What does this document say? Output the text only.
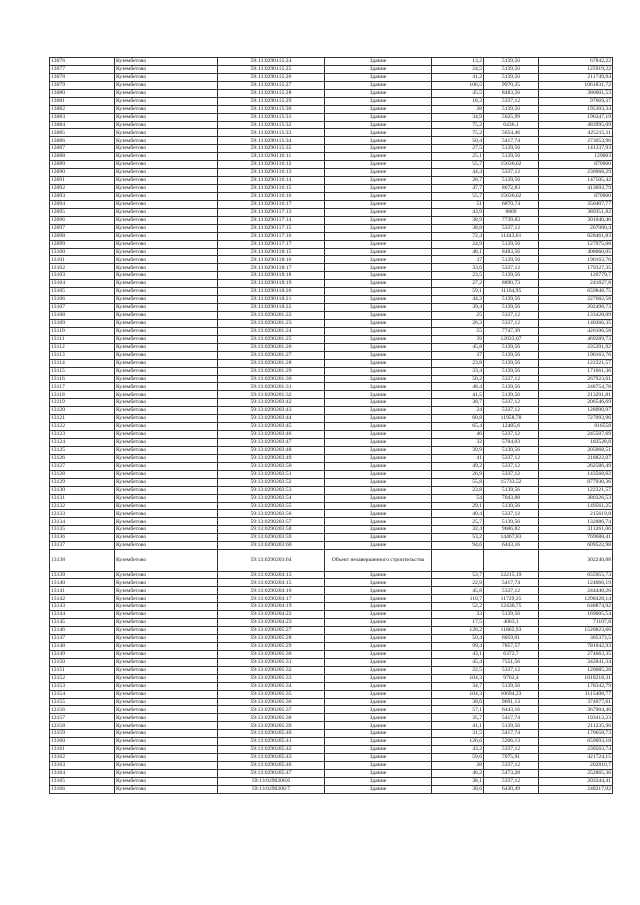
13076	Кузембетово	59:13:0290115:24	Здание	13,2	5139,56	67842,22
13077	Кузембетово	59:13:0290115:25	Здание	24,5	5139,56	125919,22
13078	Кузембетово	59:13:0290115:26	Здание	41,2	5139,56	211749,94
13079	Кузембетово	59:13:0290115:27	Здание	106,5	9970,25	1061831,72
13080	Кузембетово	59:13:0290115:28	Здание	45,5	8483,56	386001,53
13081	Кузембетово	59:13:0290115:29	Здание	18,3	5337,12	97669,37
13082	Кузембетово	59:13:0290115:30	Здание	38	5139,56	195303,34
13083	Кузембетово	59:13:0290115:31	Здание	34,9	5625,99	196347,19
13084	Кузембетово	59:13:0290115:32	Здание	75,2	6436,1	483995,09
13085	Кузембетово	59:13:0290115:33	Здание	75,2	5654,46	425215,11
13086	Кузембетово	59:13:0290115:34	Здание	50,4	5417,74	273053,96
13087	Кузембетово	59:13:0290115:35	Здание	27,5	5139,56	141337,93
13088	Кузембетово	59:13:0290116:11	Здание	25,1	5139,56	129003
13089	Кузембетово	59:13:0290116:12	Здание	55,7	15636,62	870960
13090	Кузембетово	59:13:0290116:13	Здание	44,4	5337,12	236968,29
13091	Кузембетово	59:13:0290116:14	Здание	28,7	5139,56	147505,42
13092	Кузембетово	59:13:0290116:15	Здание	47,7	8672,83	413693,79
13093	Кузембетово	59:13:0290116:16	Здание	55,7	15636,62	870960
13094	Кузембетово	59:13:0290116:17	Здание	51	6870,74	350407,77
13095	Кузембетово	59:13:0290117:13	Здание	43,9	8869	389351,82
13096	Кузембетово	59:13:0290117:14	Здание	38,9	7739,83	301040,46
13097	Кузембетово	59:13:0290117:15	Здание	38,8	5337,12	207080,4
13098	Кузембетово	59:13:0290117:16	Здание	72,4	11443,01	828461,83
13099	Кузембетово	59:13:0290117:17	Здание	24,9	5139,56	127975,08
13100	Кузембетово	59:13:0290118:15	Здание	48,1	8483,56	408060,05
13101	Кузембетово	59:13:0290118:16	Здание	37	5139,56	190163,76
13102	Кузембетово	59:13:0290118:17	Здание	33,6	5337,12	179327,35
13103	Кузембетово	59:13:0290118:18	Здание	23,5	5139,56	120779,7
13104	Кузембетово	59:13:0290118:19	Здание	27,2	8890,73	241827,8
13105	Кузембетово	59:13:0290118:20	Здание	59,1	11164,95	659848,75
13106	Кузембетово	59:13:0290118:21	Здание	44,3	5139,56	227682,58
13107	Кузембетово	59:13:0290118:22	Здание	39,4	5139,56	202498,73
13108	Кузембетово	59:13:0290201:22	Здание	25	5337,12	133428,09
13109	Кузембетово	59:13:0290201:23	Здание	26,3	5337,12	140366,35
13110	Кузембетово	59:13:0290201:24	Здание	55	7747,39	426106,58
13111	Кузембетово	59:13:0290201:25	Здание	39	12033,07	469289,73
13112	Кузембетово	59:13:0290201:26	Здание	45,8	5139,56	235391,92
13113	Кузембетово	59:13:0290201:27	Здание	37	5139,56	190163,76
13114	Кузембетово	59:13:0290201:28	Здание	23,8	5139,56	122321,57
13115	Кузембетово	59:13:0290201:29	Здание	33,4	5139,56	171661,36
13116	Кузембетово	59:13:0290201:30	Здание	50,2	5337,12	267923,61
13117	Кузембетово	59:13:0290201:31	Здание	48,4	5139,56	248754,78
13118	Кузембетово	59:13:0290201:32	Здание	41,5	5139,56	213291,81
13119	Кузембетово	59:13:0290203:42	Здание	38,7	5337,12	206546,69
13120	Кузембетово	59:13:0290203:43	Здание	24	5337,12	128090,97
13121	Кузембетово	59:13:0290203:44	Здание	60,8	11958,78	727093,96
13122	Кузембетово	59:13:0290203:45	Здание	65,4	12485,6	816558
13123	Кузембетово	59:13:0290203:46	Здание	46	5337,12	245507,69
13124	Кузембетово	59:13:0290203:47	Здание	32	5704,03	182528,8
13125	Кузембетово	59:13:0290203:48	Здание	39,9	5139,56	205068,51
13126	Кузембетово	59:13:0290203:49	Здание	41	5337,12	218822,07
13127	Кузембетово	59:13:0290203:50	Здание	49,2	5337,12	262586,49
13128	Кузембетово	59:13:0290203:51	Здание	26,9	5337,12	143568,62
13129	Кузембетово	59:13:0290203:52	Здание	55,8	15733,52	877930,36
13130	Кузембетово	59:13:0290203:53	Здание	23,8	5139,56	122321,57
13131	Кузембетово	59:13:0290203:54	Здание	54	7043,08	380326,53
13132	Кузембетово	59:13:0290203:55	Здание	29,1	5139,56	149561,25
13133	Кузембетово	59:13:0290203:56	Здание	40,4	5337,12	215619,8
13134	Кузембетово	59:13:0290203:57	Здание	25,7	5139,56	132086,74
13135	Кузембетово	59:13:0290203:58	Здание	32,4	9606,82	311261,06
13136	Кузембетово	59:13:0290203:59	Здание	53,2	14467,83	769688,41
13137	Кузембетово	59:13:0290203:60	Здание	94,6	6443,16	609522,98
13138	Кузембетово	59:13:0290203:64	Объект незавершенного строительства			302240,88
13139	Кузембетово	59:13:0290204:13	Здание	53,7	12215,19	655955,73
13140	Кузембетово	59:13:0290204:15	Здание	22,9	5417,74	124066,19
13141	Кузембетово	59:13:0290204:16	Здание	45,8	5337,12	244440,26
13142	Кузембетово	59:13:0290204:17	Здание	110,7	11729,25	1298428,14
13143	Кузембетово	59:13:0290204:19	Здание	52,2	12430,75	648874,92
13144	Кузембетово	59:13:0290204:22	Здание	33	5139,56	169605,54
13145	Кузембетово	59:13:0290204:23	Здание	17,5	4063,1	71107,8
13146	Кузембетово	59:13:0290205:27	Здание	128,2	11862,93	1520823,66
13147	Кузембетово	59:13:0290205:28	Здание	50,4	6059,01	305373,5
13148	Кузембетово	59:13:0290205:29	Здание	99,4	7857,57	781042,93
13149	Кузембетово	59:13:0290205:30	Здание	43,1	6372,7	274663,35
13150	Кузембетово	59:13:0290205:31	Здание	45,4	7551,56	342841,34
13151	Кузембетово	59:13:0290205:32	Здание	22,5	5337,12	120085,28
13152	Кузембетово	59:13:0290205:33	Здание	104,3	9762,4	1018218,31
13153	Кузембетово	59:13:0290205:34	Здание	34,7	5139,56	178342,79
13154	Кузембетово	59:13:0290205:35	Здание	104,3	10694,23	1115408,77
13155	Кузембетово	59:13:0290205:36	Здание	38,6	9691,13	374077,61
13156	Кузембетово	59:13:0290205:37	Здание	57,1	6443,16	367904,46
13157	Кузембетово	59:13:0290205:38	Здание	35,7	5417,74	193413,23
13158	Кузембетово	59:13:0290205:39	Здание	41,1	5139,56	211235,96
13159	Кузембетово	59:13:0290205:40	Здание	31,5	5417,74	170658,73
13160	Кузембетово	59:13:0290205:41	Здание	126,6	5206,13	659093,18
13161	Кузембетово	59:13:0290205:42	Здание	43,2	5337,12	230563,74
13162	Кузембетово	59:13:0290205:43	Здание	59,6	7075,91	421724,15
13163	Кузембетово	59:13:0290205:46	Здание	38	5337,12	202810,7
13164	Кузембетово	59:13:0290205:47	Здание	46,2	5473,28	252865,36
13165	Кузембетово	59:13:0290206:6	Здание	38,1	5337,12	203344,41
13166	Кузембетово	59:13:0290206:7	Здание	38,6	6430,49	248217,02
